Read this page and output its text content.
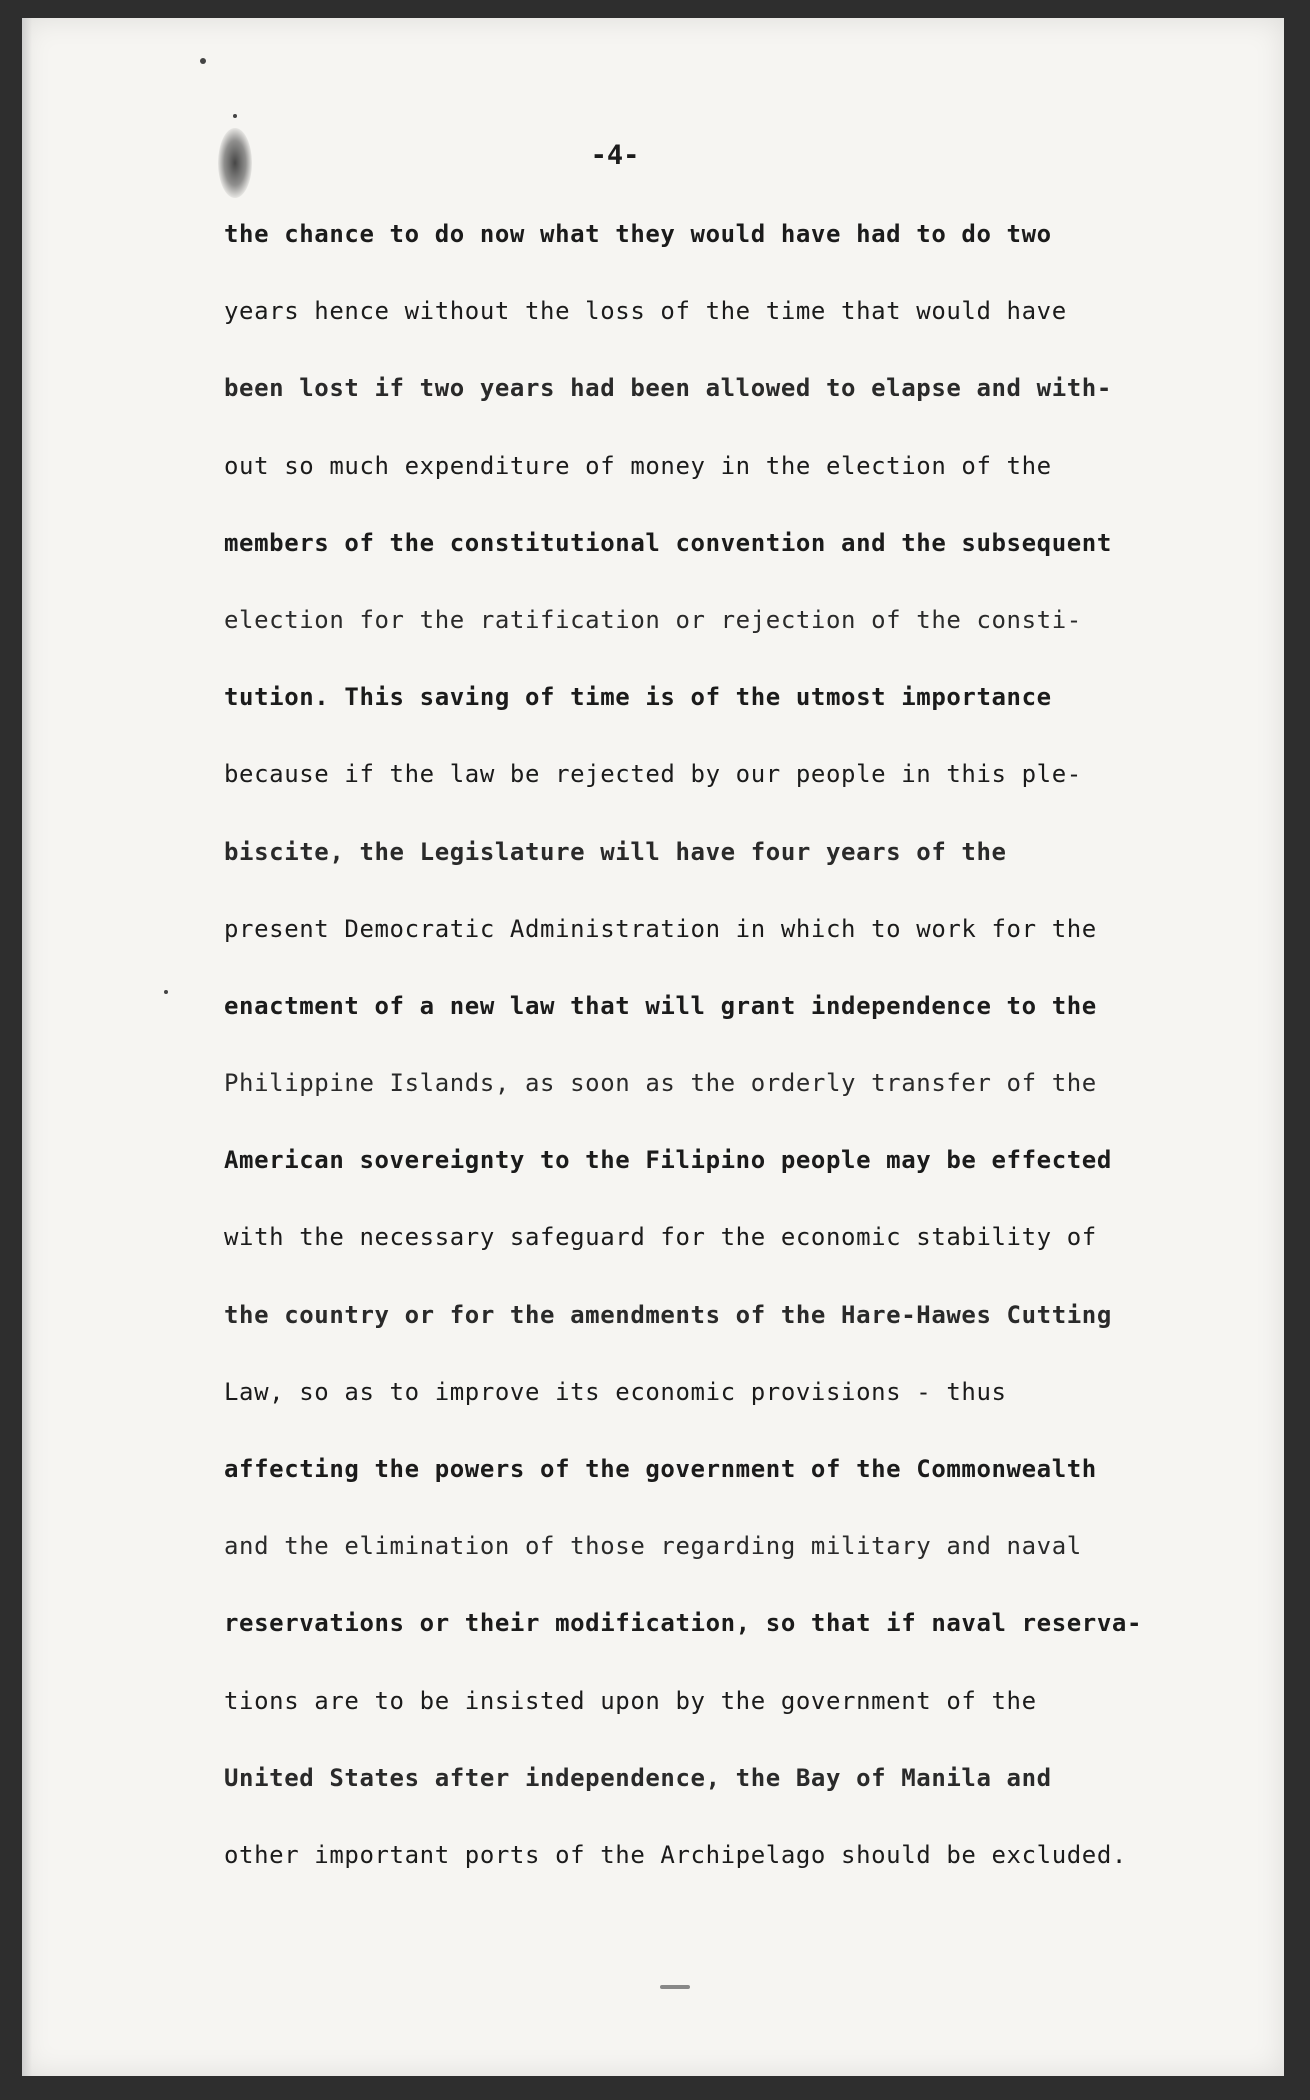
-4-
the chance to do now what they would have had to do two
years hence without the loss of the time that would have
been lost if two years had been allowed to elapse and with-
out so much expenditure of money in the election of the
members of the constitutional convention and the subsequent
election for the ratification or rejection of the consti-
tution. This saving of time is of the utmost importance
because if the law be rejected by our people in this ple-
biscite, the Legislature will have four years of the
present Democratic Administration in which to work for the
enactment of a new law that will grant independence to the
Philippine Islands, as soon as the orderly transfer of the
American sovereignty to the Filipino people may be effected
with the necessary safeguard for the economic stability of
the country or for the amendments of the Hare-Hawes Cutting
Law, so as to improve its economic provisions - thus
affecting the powers of the government of the Commonwealth
and the elimination of those regarding military and naval
reservations or their modification, so that if naval reserva-
tions are to be insisted upon by the government of the
United States after independence, the Bay of Manila and
other important ports of the Archipelago should be excluded.
